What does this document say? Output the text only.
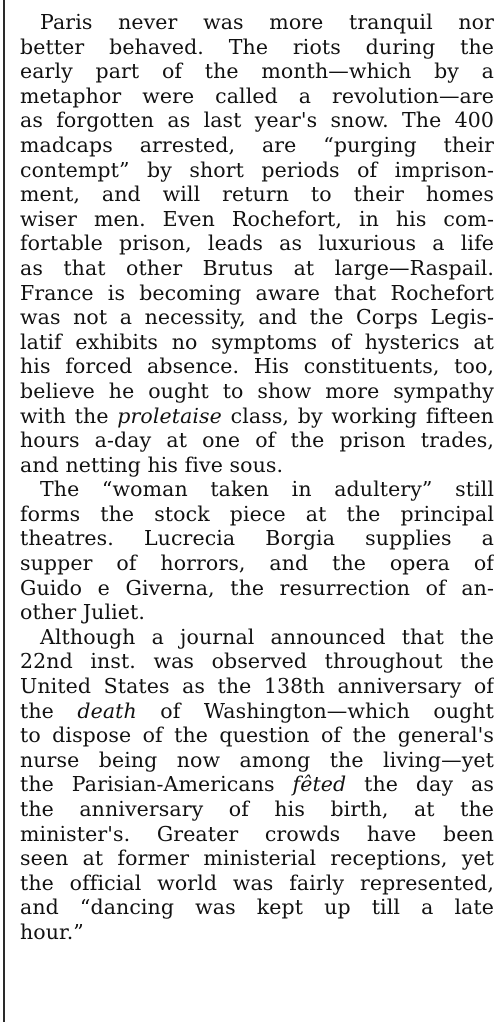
Paris never was more tranquil nor
better behaved. The riots during the
early part of the month—which by a
metaphor were called a revolution—are
as forgotten as last year's snow. The 400
madcaps arrested, are “purging their
contempt” by short periods of imprison-
ment, and will return to their homes
wiser men. Even Rochefort, in his com-
fortable prison, leads as luxurious a life
as that other Brutus at large—Raspail.
France is becoming aware that Rochefort
was not a necessity, and the Corps Legis-
latif exhibits no symptoms of hysterics at
his forced absence. His constituents, too,
believe he ought to show more sympathy
with the proletaise class, by working fifteen
hours a-day at one of the prison trades,
and netting his five sous.
The “woman taken in adultery” still
forms the stock piece at the principal
theatres. Lucrecia Borgia supplies a
supper of horrors, and the opera of
Guido e Giverna, the resurrection of an-
other Juliet.
Although a journal announced that the
22nd inst. was observed throughout the
United States as the 138th anniversary of
the death of Washington—which ought
to dispose of the question of the general's
nurse being now among the living—yet
the Parisian-Americans fêted the day as
the anniversary of his birth, at the
minister's. Greater crowds have been
seen at former ministerial receptions, yet
the official world was fairly represented,
and “dancing was kept up till a late
hour.”
